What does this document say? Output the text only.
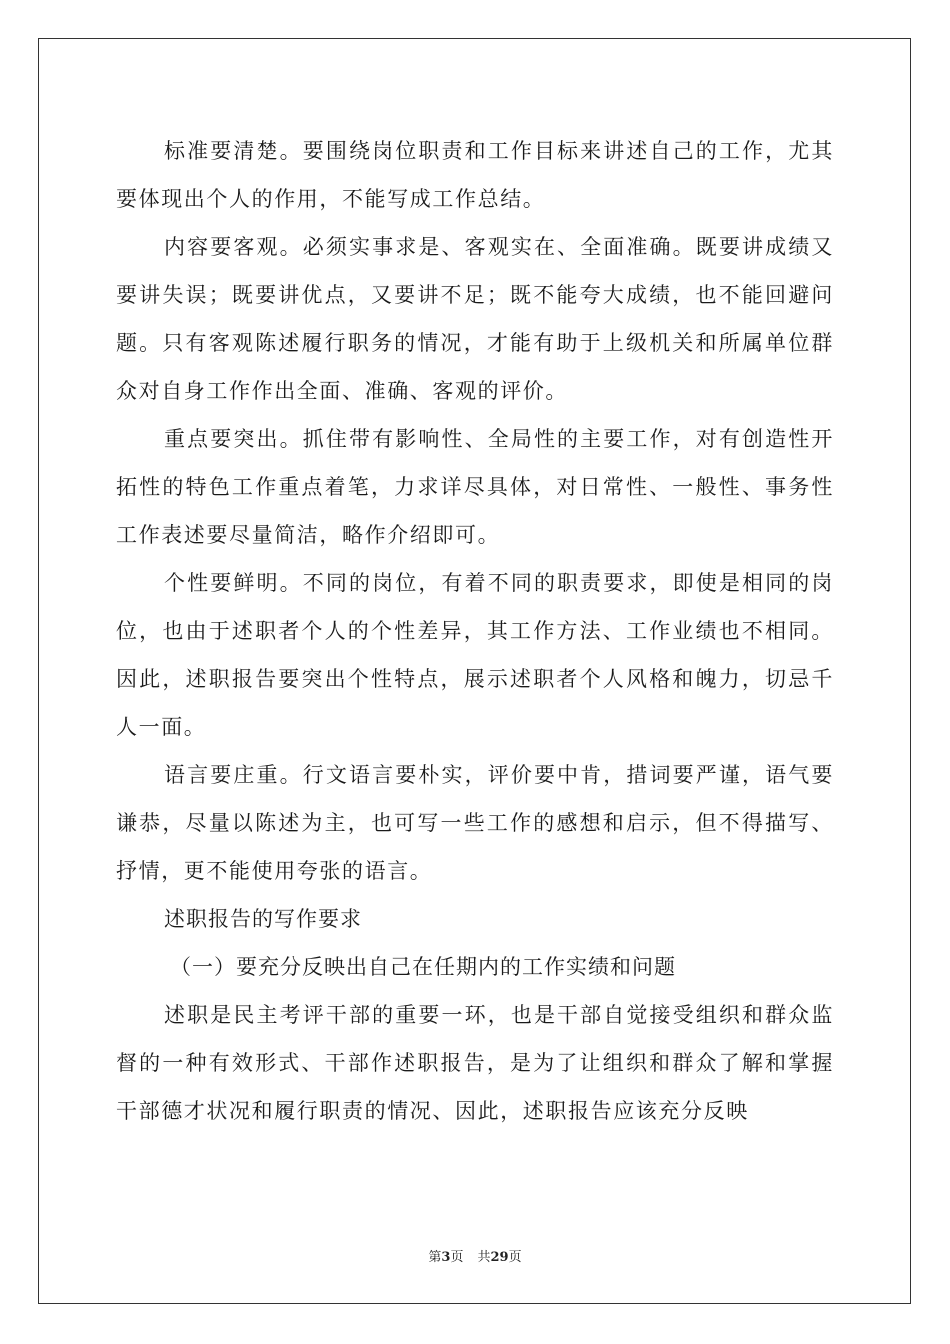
标准要清楚。要围绕岗位职责和工作目标来讲述自己的工作，尤其要体现出个人的作用，不能写成工作总结。

内容要客观。必须实事求是、客观实在、全面准确。既要讲成绩又要讲失误；既要讲优点，又要讲不足；既不能夸大成绩，也不能回避问题。只有客观陈述履行职务的情况，才能有助于上级机关和所属单位群众对自身工作作出全面、准确、客观的评价。

重点要突出。抓住带有影响性、全局性的主要工作，对有创造性开拓性的特色工作重点着笔，力求详尽具体，对日常性、一般性、事务性工作表述要尽量简洁，略作介绍即可。

个性要鲜明。不同的岗位，有着不同的职责要求，即使是相同的岗位，也由于述职者个人的个性差异，其工作方法、工作业绩也不相同。因此，述职报告要突出个性特点，展示述职者个人风格和魄力，切忌千人一面。

语言要庄重。行文语言要朴实，评价要中肯，措词要严谨，语气要谦恭，尽量以陈述为主，也可写一些工作的感想和启示，但不得描写、抒情，更不能使用夸张的语言。

述职报告的写作要求

（一）要充分反映出自己在任期内的工作实绩和问题

述职是民主考评干部的重要一环，也是干部自觉接受组织和群众监督的一种有效形式、干部作述职报告，是为了让组织和群众了解和掌握干部德才状况和履行职责的情况、因此，述职报告应该充分反映

第3页 共29页
